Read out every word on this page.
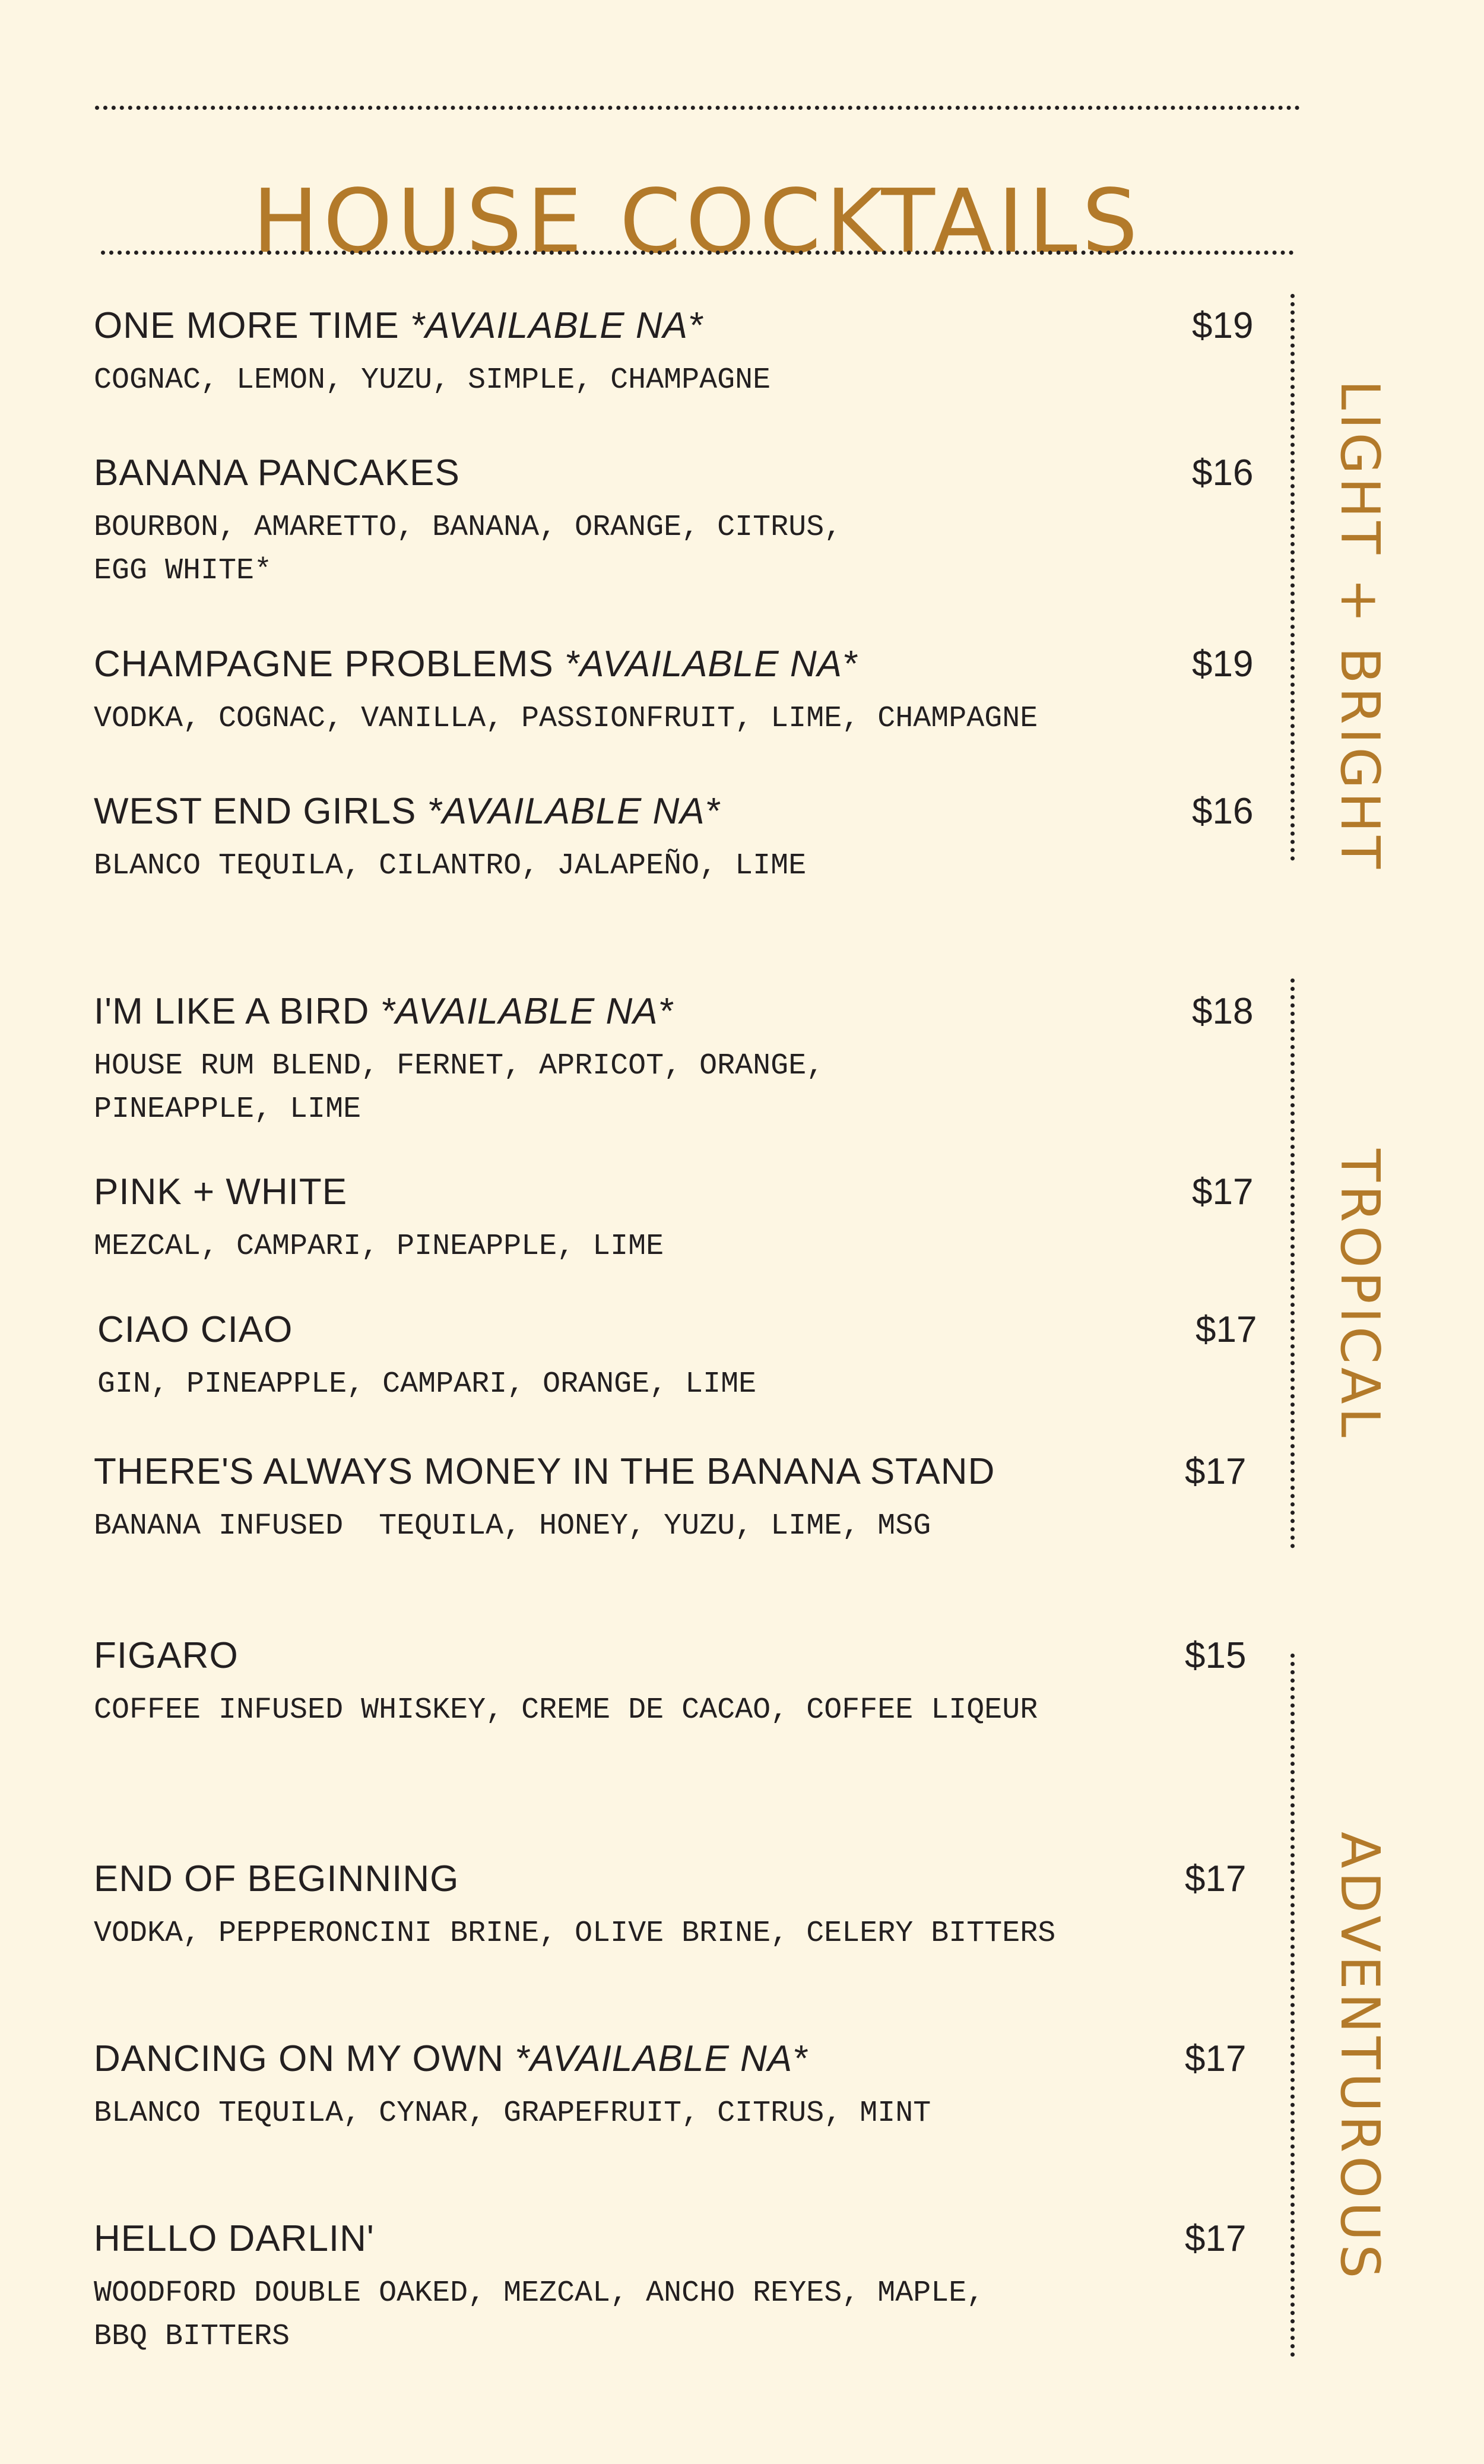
HOUSE COCKTAILS
ONE MORE TIME *AVAILABLE NA*	$19
COGNAC, LEMON, YUZU, SIMPLE, CHAMPAGNE
BANANA PANCAKES	$16
BOURBON, AMARETTO, BANANA, ORANGE, CITRUS,
EGG WHITE*
CHAMPAGNE PROBLEMS *AVAILABLE NA*	$19
VODKA, COGNAC, VANILLA, PASSIONFRUIT, LIME, CHAMPAGNE
WEST END GIRLS *AVAILABLE NA*	$16
BLANCO TEQUILA, CILANTRO, JALAPEÑO, LIME	LIGHT + BRIGHT
I'M LIKE A BIRD *AVAILABLE NA*	$18
HOUSE RUM BLEND, FERNET, APRICOT, ORANGE,
PINEAPPLE, LIME
PINK + WHITE	$17
MEZCAL, CAMPARI, PINEAPPLE, LIME
CIAO CIAO	$17
GIN, PINEAPPLE, CAMPARI, ORANGE, LIME
THERE'S ALWAYS MONEY IN THE BANANA STAND	$17
BANANA INFUSED  TEQUILA, HONEY, YUZU, LIME, MSG
TROPICAL
FIGARO	$15
COFFEE INFUSED WHISKEY, CREME DE CACAO, COFFEE LIQEUR
END OF BEGINNING	$17
VODKA, PEPPERONCINI BRINE, OLIVE BRINE, CELERY BITTERS
DANCING ON MY OWN *AVAILABLE NA*	$17
BLANCO TEQUILA, CYNAR, GRAPEFRUIT, CITRUS, MINT
HELLO DARLIN'	$17
WOODFORD DOUBLE OAKED, MEZCAL, ANCHO REYES, MAPLE,
BBQ BITTERS
ADVENTUROUS
